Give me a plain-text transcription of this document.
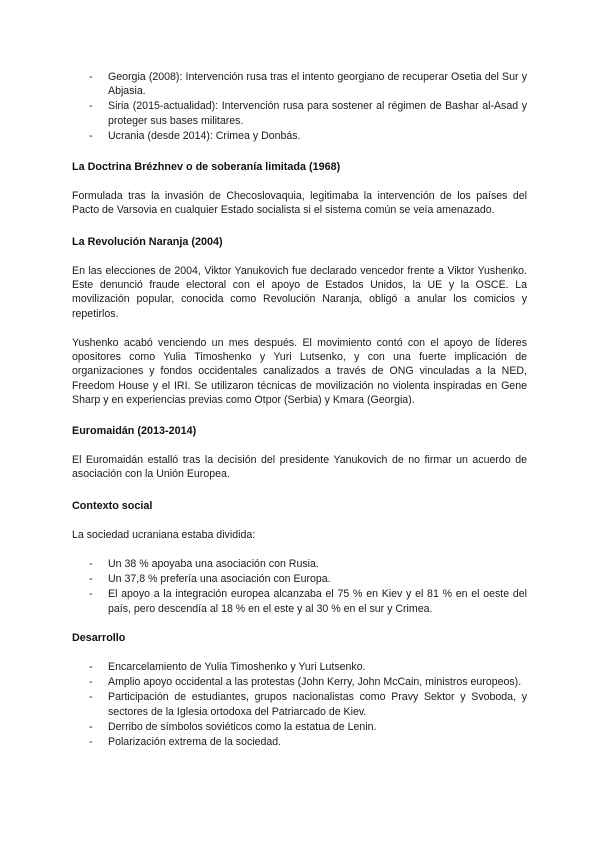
- Georgia (2008): Intervención rusa tras el intento georgiano de recuperar Osetia del Sur y Abjasia.
- Siria (2015-actualidad): Intervención rusa para sostener al régimen de Bashar al-Asad y proteger sus bases militares.
- Ucrania (desde 2014): Crimea y Donbás.

La Doctrina Brézhnev o de soberanía limitada (1968)

Formulada tras la invasión de Checoslovaquia, legitimaba la intervención de los países del Pacto de Varsovia en cualquier Estado socialista si el sistema común se veía amenazado.

La Revolución Naranja (2004)

En las elecciones de 2004, Viktor Yanukovich fue declarado vencedor frente a Viktor Yushenko. Este denunció fraude electoral con el apoyo de Estados Unidos, la UE y la OSCE. La movilización popular, conocida como Revolución Naranja, obligó a anular los comicios y repetirlos.

Yushenko acabó venciendo un mes después. El movimiento contó con el apoyo de líderes opositores como Yulia Timoshenko y Yuri Lutsenko, y con una fuerte implicación de organizaciones y fondos occidentales canalizados a través de ONG vinculadas a la NED, Freedom House y el IRI. Se utilizaron técnicas de movilización no violenta inspiradas en Gene Sharp y en experiencias previas como Otpor (Serbia) y Kmara (Georgia).

Euromaidán (2013-2014)

El Euromaidán estalló tras la decisión del presidente Yanukovich de no firmar un acuerdo de asociación con la Unión Europea.

Contexto social

La sociedad ucraniana estaba dividida:

- Un 38 % apoyaba una asociación con Rusia.
- Un 37,8 % prefería una asociación con Europa.
- El apoyo a la integración europea alcanzaba el 75 % en Kiev y el 81 % en el oeste del país, pero descendía al 18 % en el este y al 30 % en el sur y Crimea.

Desarrollo

- Encarcelamiento de Yulia Timoshenko y Yuri Lutsenko.
- Amplio apoyo occidental a las protestas (John Kerry, John McCain, ministros europeos).
- Participación de estudiantes, grupos nacionalistas como Pravy Sektor y Svoboda, y sectores de la Iglesia ortodoxa del Patriarcado de Kiev.
- Derribo de símbolos soviéticos como la estatua de Lenin.
- Polarización extrema de la sociedad.
